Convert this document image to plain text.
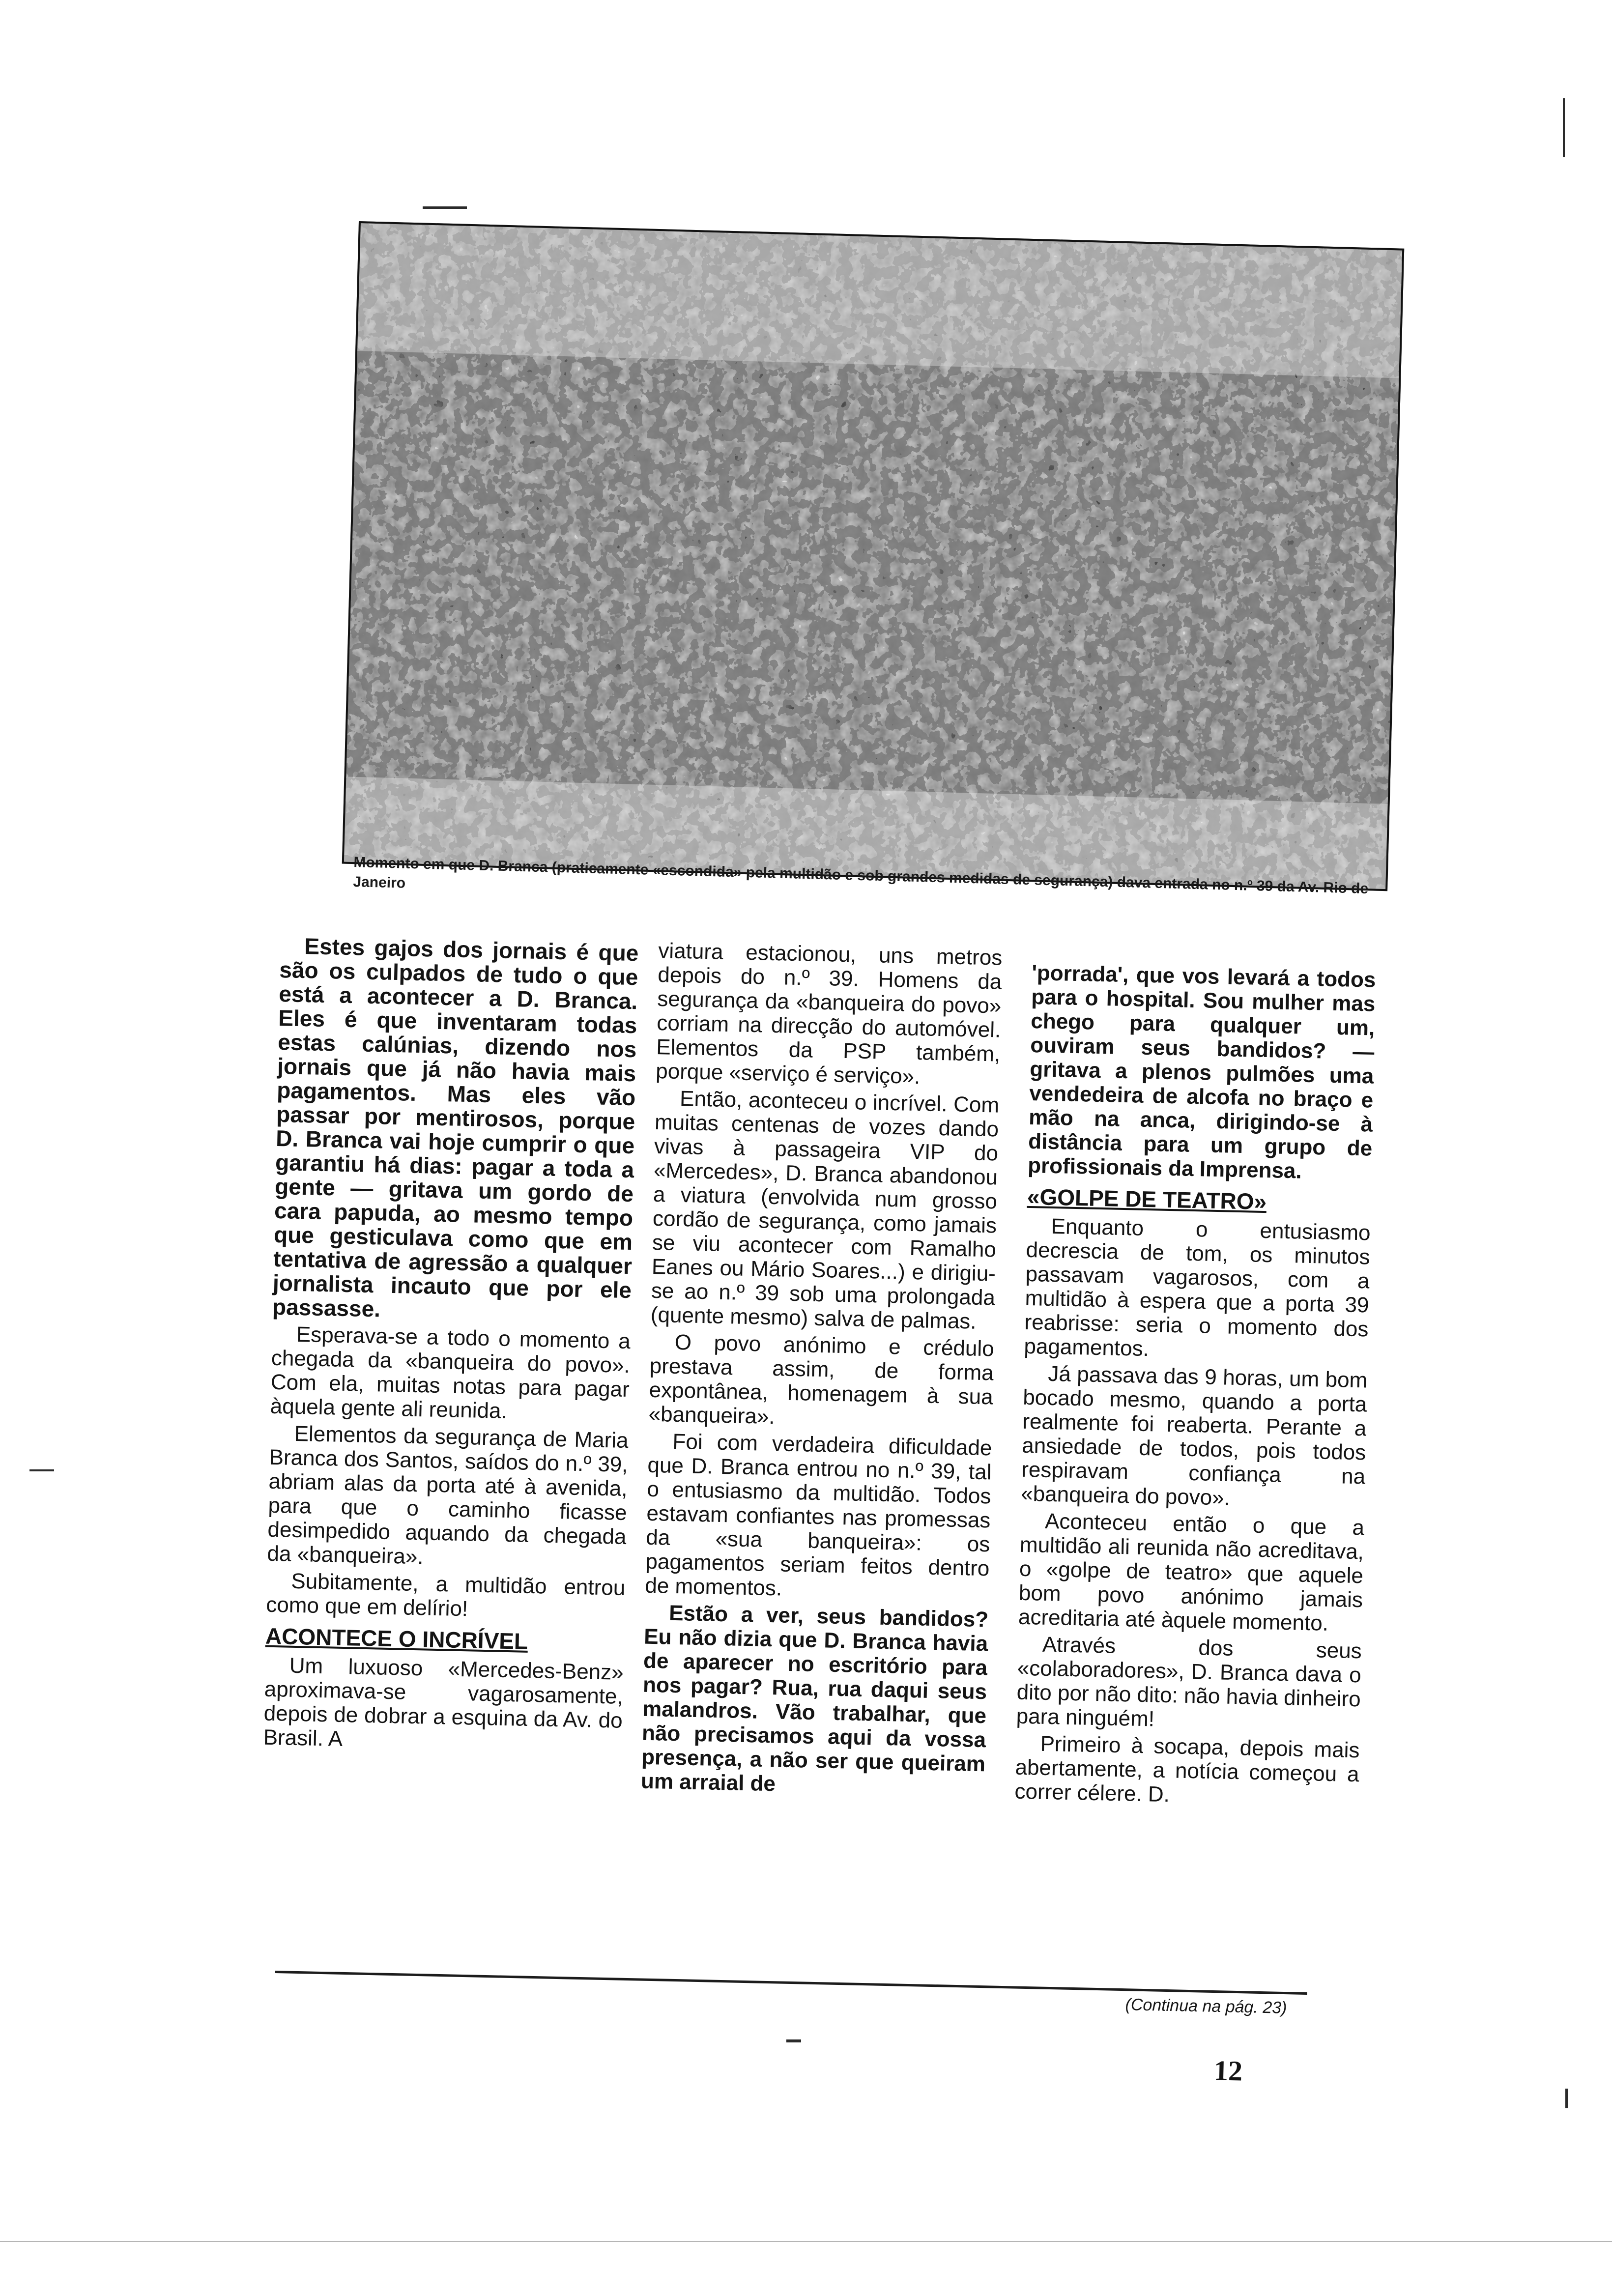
Momento em que D. Branca (praticamente «escondida» pela multidão e sob grandes medidas de segurança) dava entrada no n.º 39 da Av. Rio de Janeiro

Estes gajos dos jornais é que são os culpados de tudo o que está a acontecer a D. Branca. Eles é que inventaram todas estas calúnias, dizendo nos jornais que já não havia mais pagamentos. Mas eles vão passar por mentirosos, porque D. Branca vai hoje cumprir o que garantiu há dias: pagar a toda a gente — gritava um gordo de cara papuda, ao mesmo tempo que gesticulava como que em tentativa de agressão a qualquer jornalista incauto que por ele passasse.

Esperava-se a todo o momento a chegada da «banqueira do povo». Com ela, muitas notas para pagar àquela gente ali reunida.

Elementos da segurança de Maria Branca dos Santos, saídos do n.º 39, abriam alas da porta até à avenida, para que o caminho ficasse desimpedido aquando da chegada da «banqueira».

Subitamente, a multidão entrou como que em delírio!

ACONTECE O INCRÍVEL

Um luxuoso «Mercedes-Benz» aproximava-se vagarosamente, depois de dobrar a esquina da Av. do Brasil. A

viatura estacionou, uns metros depois do n.º 39. Homens da segurança da «banqueira do povo» corriam na direcção do automóvel. Elementos da PSP também, porque «serviço é serviço».

Então, aconteceu o incrível. Com muitas centenas de vozes dando vivas à passageira VIP do «Mercedes», D. Branca abandonou a viatura (envolvida num grosso cordão de segurança, como jamais se viu acontecer com Ramalho Eanes ou Mário Soares...) e dirigiu-se ao n.º 39 sob uma prolongada (quente mesmo) salva de palmas.

O povo anónimo e crédulo prestava assim, de forma expontânea, homenagem à sua «banqueira».

Foi com verdadeira dificuldade que D. Branca entrou no n.º 39, tal o entusiasmo da multidão. Todos estavam confiantes nas promessas da «sua banqueira»: os pagamentos seriam feitos dentro de momentos.

Estão a ver, seus bandidos? Eu não dizia que D. Branca havia de aparecer no escritório para nos pagar? Rua, rua daqui seus malandros. Vão trabalhar, que não precisamos aqui da vossa presença, a não ser que queiram um arraial de

'porrada', que vos levará a todos para o hospital. Sou mulher mas chego para qualquer um, ouviram seus bandidos? — gritava a plenos pulmões uma vendedeira de alcofa no braço e mão na anca, dirigindo-se à distância para um grupo de profissionais da Imprensa.

«GOLPE DE TEATRO»

Enquanto o entusiasmo decrescia de tom, os minutos passavam vagarosos, com a multidão à espera que a porta 39 reabrisse: seria o momento dos pagamentos.

Já passava das 9 horas, um bom bocado mesmo, quando a porta realmente foi reaberta. Perante a ansiedade de todos, pois todos respiravam confiança na «banqueira do povo».

Aconteceu então o que a multidão ali reunida não acreditava, o «golpe de teatro» que aquele bom povo anónimo jamais acreditaria até àquele momento.

Através dos seus «colaboradores», D. Branca dava o dito por não dito: não havia dinheiro para ninguém!

Primeiro à socapa, depois mais abertamente, a notícia começou a correr célere. D.

(Continua na pág. 23)
12
